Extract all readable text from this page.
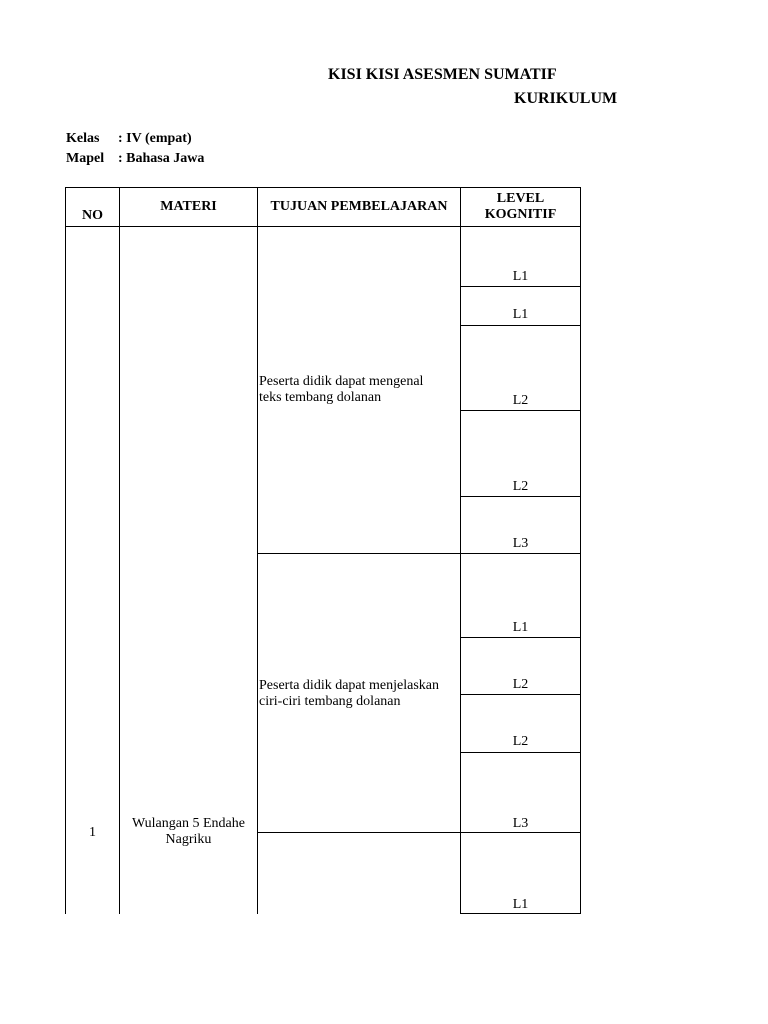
KISI KISI ASESMEN SUMATIF
KURIKULUM
Kelas : IV (empat)
Mapel : Bahasa Jawa
NO
MATERI	TUJUAN PEMBELAJARAN
LEVEL
KOGNITIF
1
Wulangan 5 Endahe
Nagriku
Peserta didik dapat mengenal
teks tembang dolanan
Peserta didik dapat menjelaskan
ciri-ciri tembang dolanan
L1
L1
L2
L2
L3
L1
L2
L2
L3
L1
